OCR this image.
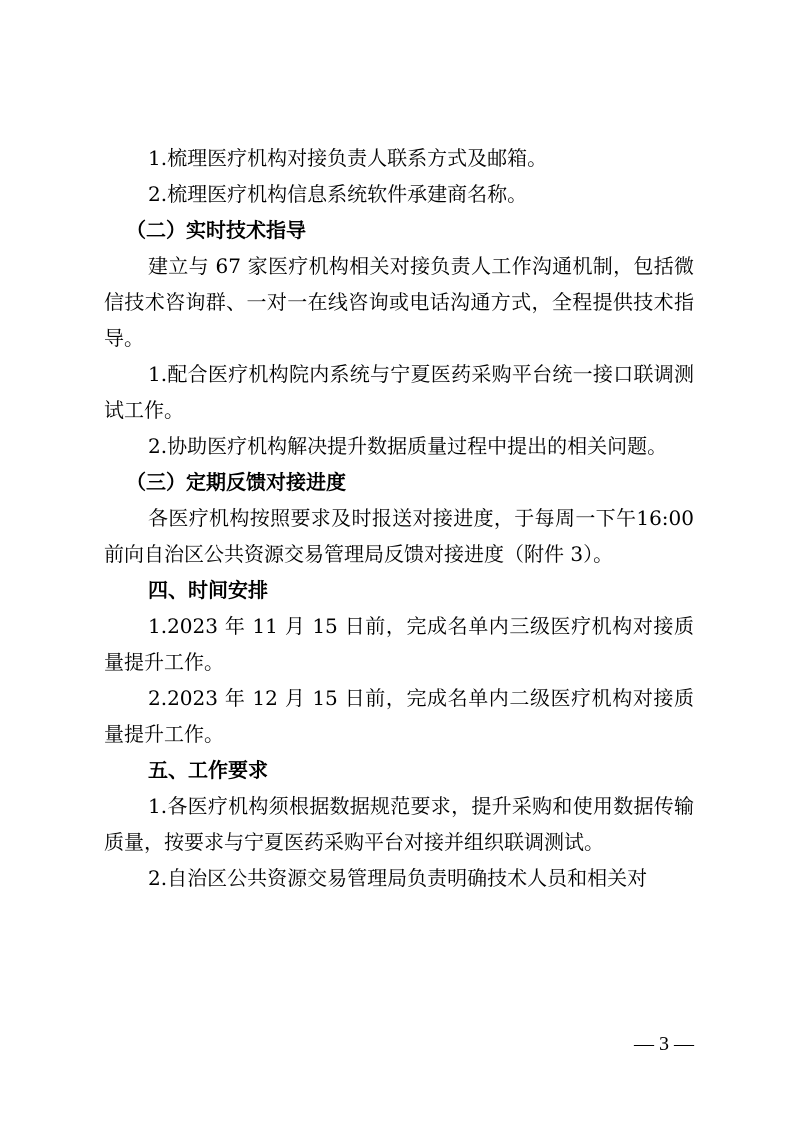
1.梳理医疗机构对接负责人联系方式及邮箱。

2.梳理医疗机构信息系统软件承建商名称。

（二）实时技术指导

建立与 67 家医疗机构相关对接负责人工作沟通机制，包括微信技术咨询群、一对一在线咨询或电话沟通方式，全程提供技术指导。

1.配合医疗机构院内系统与宁夏医药采购平台统一接口联调测试工作。

2.协助医疗机构解决提升数据质量过程中提出的相关问题。

（三）定期反馈对接进度

各医疗机构按照要求及时报送对接进度，于每周一下午16:00 前向自治区公共资源交易管理局反馈对接进度（附件 3）。

四、时间安排

1.2023 年 11 月 15 日前，完成名单内三级医疗机构对接质量提升工作。

2.2023 年 12 月 15 日前，完成名单内二级医疗机构对接质量提升工作。

五、工作要求

1.各医疗机构须根据数据规范要求，提升采购和使用数据传输质量，按要求与宁夏医药采购平台对接并组织联调测试。

2.自治区公共资源交易管理局负责明确技术人员和相关对

— 3 —
